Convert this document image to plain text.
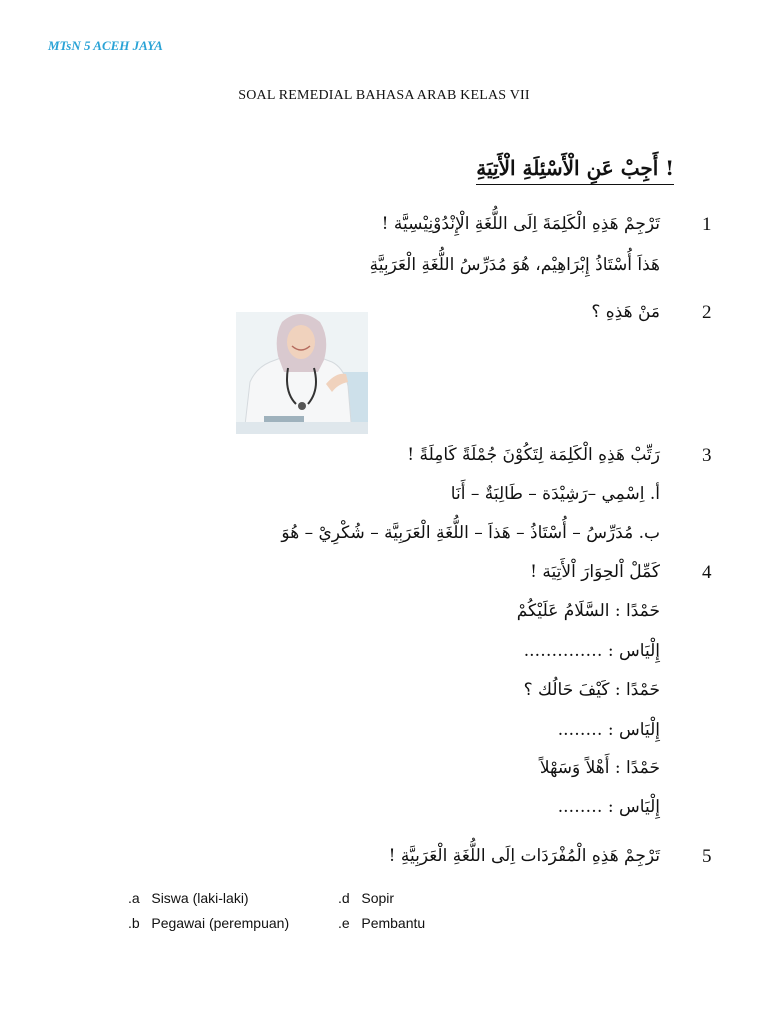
MTsN 5 ACEH JAYA
SOAL REMEDIAL BAHASA ARAB KELAS VII
! أَجِبْ عَنِ الْأَسْئِلَةِ الْأَتِيَةِ
1
تَرْجِمْ هَذِهِ الْكَلِمَةَ اِلَى اللُّغَةِ الْإِنْدُوْنِيْسِيَّة !
هَذاَ أُسْتَاذُ إِبْرَاهِيْم، هُوَ مُدَرِّسُ اللُّغَةِ الْعَرَبِيَّةِ
2
مَنْ هَذِهِ ؟
3
رَتِّبْ هَذِهِ الْكَلِمَة لِتَكُوْنَ جُمْلَةً كَامِلَةً !
أ. اِسْمِي –رَشِيْدَة – طَالِبَةٌ – أَنَا
ب. مُدَرِّسُ – أُسْتَاذُ – هَذاَ – اللُّغَةِ الْعَرَبِيَّة – شُكْرِيْ – هُوَ
4
كَمِّلْ اْلحِوَارَ اْلأَتِيَة !
حَمْدًا : السَّلَامُ عَلَيْكُمْ
إِلْيَاس : …………..
حَمْدًا : كَيْفَ حَالُك ؟
إِلْيَاس : ……..
حَمْدًا : أَهْلاً وَسَهْلاً
إِلْيَاس : ……..
5
تَرْجِمْ هَذِهِ الْمُفْرَدَات اِلَى اللُّغَةِ الْعَرَبِيَّةِ !
.a Siswa (laki-laki)	.d Sopir
.b Pegawai (perempuan)	.e Pembantu
